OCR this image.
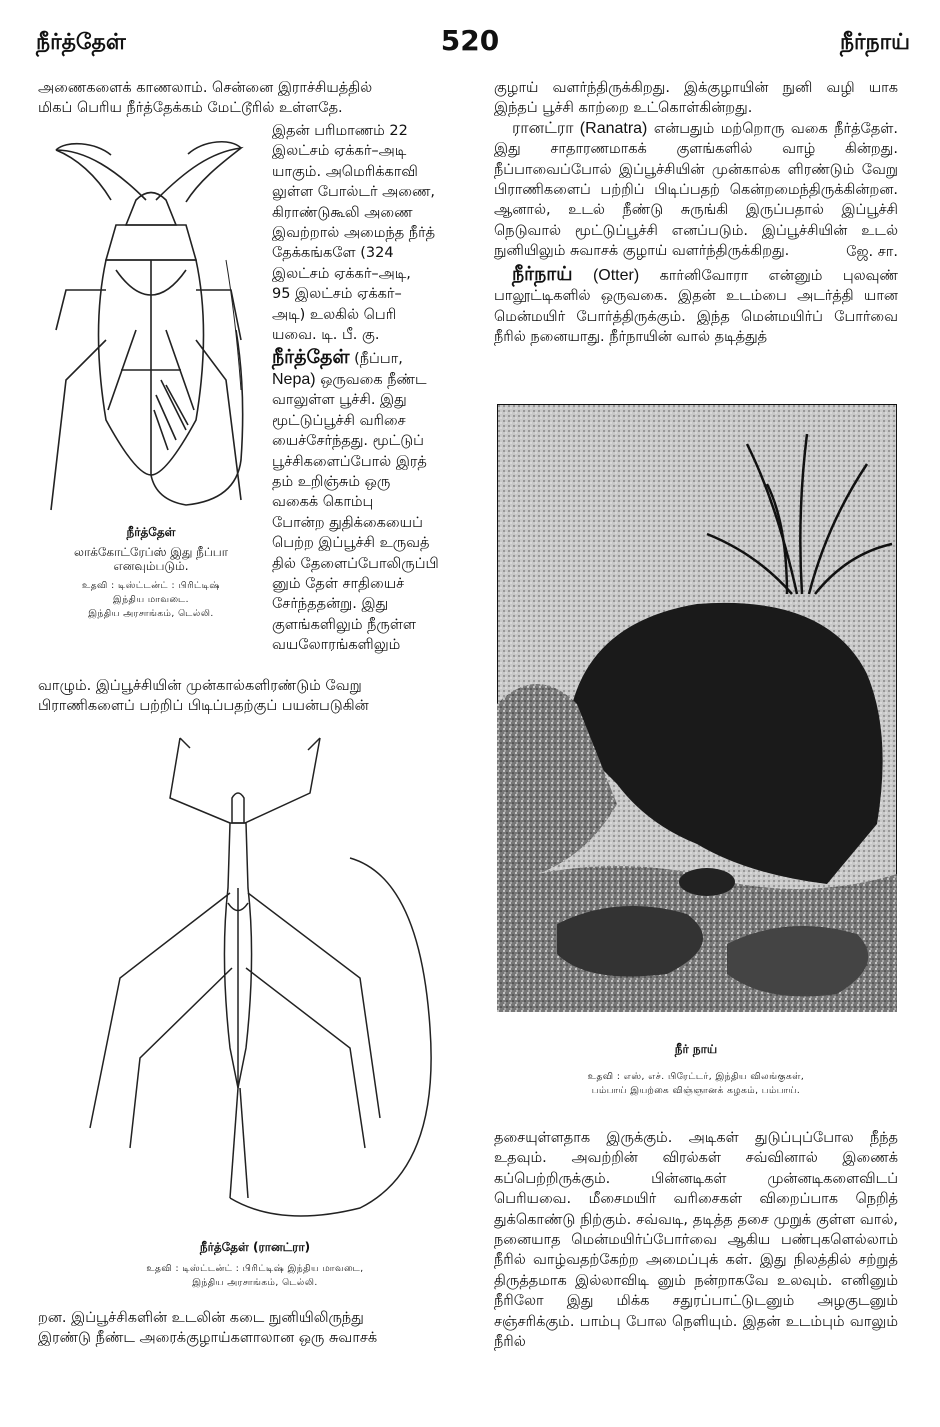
நீர்த்தேள்	520	நீர்நாய்

அணைகளைக் காணலாம். சென்னை இராச்சியத்தில்

மிகப் பெரிய நீர்த்தேக்கம் மேட்டூரில் உள்ளதே.

இதன் பரிமாணம் 22

இலட்சம் ஏக்கர்–அடி

யாகும். அமெரிக்காவி

லுள்ள போல்டர் அணை,

கிராண்டுகூலி அணை

இவற்றால் அமைந்த நீர்த்

தேக்கங்களே (324

இலட்சம் ஏக்கர்–அடி,

95 இலட்சம் ஏக்கர்–

அடி) உலகில் பெரி

யவை. டி. பீ. கு.

நீர்த்தேள் (நீப்பா,

Nepa) ஒருவகை நீண்ட

வாலுள்ள பூச்சி. இது

மூட்டுப்பூச்சி வரிசை

யைச்சேர்ந்தது. மூட்டுப்

பூச்சிகளைப்போல் இரத்

தம் உறிஞ்சும் ஒரு

வகைக் கொம்பு

போன்ற துதிக்கையைப்

பெற்ற இப்பூச்சி உருவத்

தில் தேளைப்போலிருப்பி

னும் தேள் சாதியைச்

சேர்ந்ததன்று. இது

குளங்களிலும் நீருள்ள

வயலோரங்களிலும்

நீர்த்தேள்
லாக்கோட்ரேப்ஸ் இது நீப்பா
எனவும்படும்.
உதவி : டிஸ்ட்டன்ட் : பிரிட்டிஷ்
இந்திய மாவடை.
இந்திய அரசாங்கம், டெல்லி.

வாழும். இப்பூச்சியின் முன்கால்களிரண்டும் வேறு

பிராணிகளைப் பற்றிப் பிடிப்பதற்குப் பயன்படுகின்

நீர்த்தேள் (ரானட்ரா)
உதவி : டிஸ்ட்டன்ட் : பிரிட்டிஷ் இந்திய மாவடை,
இந்திய அரசாங்கம், டெல்லி.

றன. இப்பூச்சிகளின் உடலின் கடை நுனியிலிருந்து

இரண்டு நீண்ட அரைக்குழாய்களாலான ஒரு சுவாசக்

குழாய் வளர்ந்திருக்கிறது. இக்குழாயின் நுனி வழி யாக இந்தப் பூச்சி காற்றை உட்கொள்கின்றது.

ரானட்ரா (Ranatra) என்பதும் மற்றொரு வகை நீர்த்தேள். இது சாதாரணமாகக் குளங்களில் வாழ் கின்றது. நீப்பாவைப்போல் இப்பூச்சியின் முன்கால்க ளிரண்டும் வேறு பிராணிகளைப் பற்றிப் பிடிப்பதற் கென்றமைந்திருக்கின்றன. ஆனால், உடல் நீண்டு சுருங்கி இருப்பதால் இப்பூச்சி நெடுவால் மூட்டுப்பூச்சி எனப்படும். இப்பூச்சியின் உடல் நுனியிலும் சுவாசக் குழாய் வளர்ந்திருக்கிறது.	ஜே. சா.

நீர்நாய் (Otter) கார்னிவோரா என்னும் புலவுண் பாலூட்டிகளில் ஒருவகை. இதன் உடம்பை அடர்த்தி யான மென்மயிர் போர்த்திருக்கும். இந்த மென்மயிர்ப் போர்வை நீரில் நனையாது. நீர்நாயின் வால் தடித்துத்

நீர் நாய்
உதவி : எஸ், எச். பிரேட்டர், இந்திய விலங்குகள்,
பம்பாய் இயற்கை விஞ்ஞானக் கழகம், பம்பாய்.

தசையுள்ளதாக இருக்கும். அடிகள் துடுப்புப்போல நீந்த உதவும். அவற்றின் விரல்கள் சவ்வினால் இணைக் கப்பெற்றிருக்கும். பின்னடிகள் முன்னடிகளைவிடப் பெரியவை. மீசைமயிர் வரிசைகள் விறைப்பாக நெறித் துக்கொண்டு நிற்கும். சவ்வடி, தடித்த தசை முறுக் குள்ள வால், நனையாத மென்மயிர்ப்போர்வை ஆகிய பண்புகளெல்லாம் நீரில் வாழ்வதற்கேற்ற அமைப்புக் கள். இது நிலத்தில் சற்றுத் திருத்தமாக இல்லாவிடி னும் நன்றாகவே உலவும். எனினும் நீரிலோ இது மிக்க சதுரப்பாட்டுடனும் அழகுடனும் சஞ்சரிக்கும். பாம்பு போல நெளியும். இதன் உடம்பும் வாலும் நீரில்
